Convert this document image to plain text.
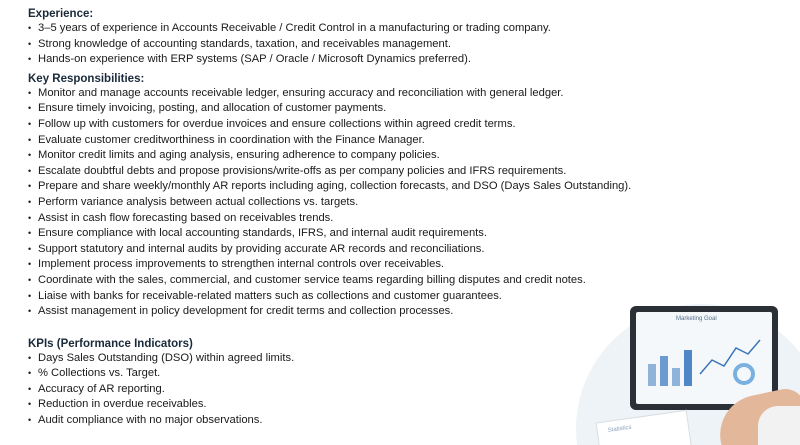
Experience:

• 3–5 years of experience in Accounts Receivable / Credit Control in a manufacturing or trading company.
• Strong knowledge of accounting standards, taxation, and receivables management.
• Hands-on experience with ERP systems (SAP / Oracle / Microsoft Dynamics preferred).

Key Responsibilities:

• Monitor and manage accounts receivable ledger, ensuring accuracy and reconciliation with general ledger.
• Ensure timely invoicing, posting, and allocation of customer payments.
• Follow up with customers for overdue invoices and ensure collections within agreed credit terms.
• Evaluate customer creditworthiness in coordination with the Finance Manager.
• Monitor credit limits and aging analysis, ensuring adherence to company policies.
• Escalate doubtful debts and propose provisions/write-offs as per company policies and IFRS requirements.
• Prepare and share weekly/monthly AR reports including aging, collection forecasts, and DSO (Days Sales Outstanding).
• Perform variance analysis between actual collections vs. targets.
• Assist in cash flow forecasting based on receivables trends.
• Ensure compliance with local accounting standards, IFRS, and internal audit requirements.
• Support statutory and internal audits by providing accurate AR records and reconciliations.
• Implement process improvements to strengthen internal controls over receivables.
• Coordinate with the sales, commercial, and customer service teams regarding billing disputes and credit notes.
• Liaise with banks for receivable-related matters such as collections and customer guarantees.
• Assist management in policy development for credit terms and collection processes.

KPIs (Performance Indicators)

• Days Sales Outstanding (DSO) within agreed limits.
• % Collections vs. Target.
• Accuracy of AR reporting.
• Reduction in overdue receivables.
• Audit compliance with no major observations.
Marketing Goal
Statistics
